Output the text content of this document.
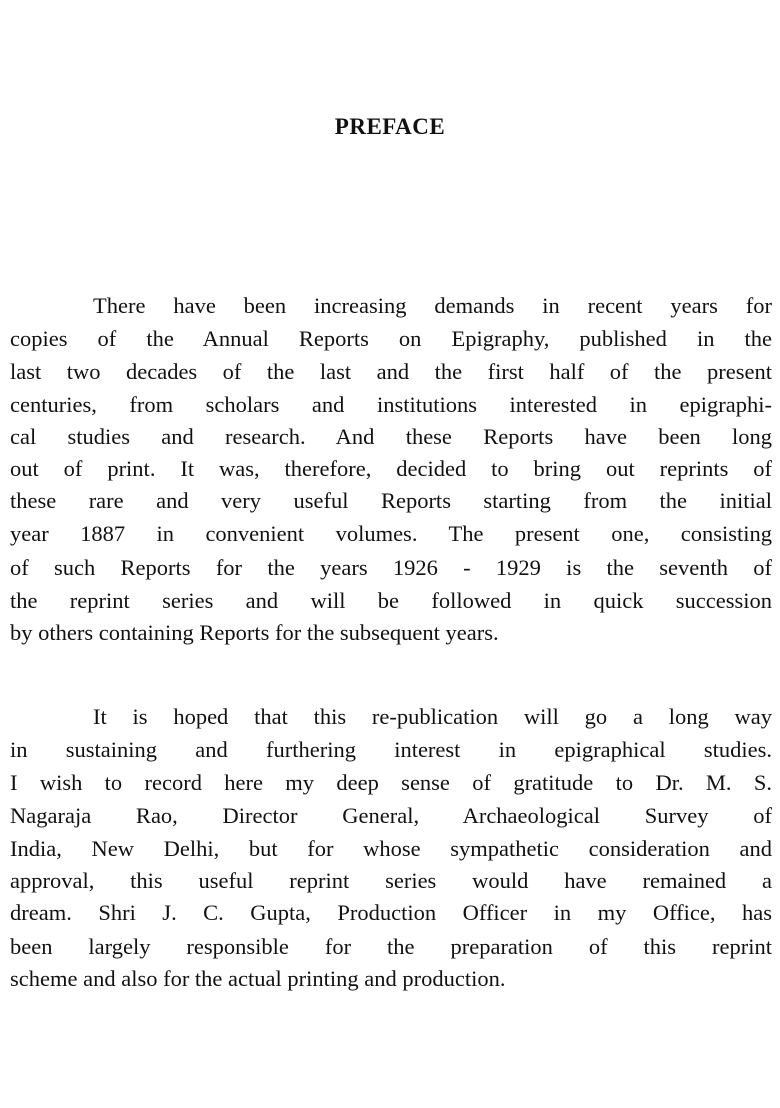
PREFACE
There have been increasing demands in recent years for
copies of the Annual Reports on Epigraphy, published in the
last two decades of the last and the first half of the present
centuries, from scholars and institutions interested in epigraphi-
cal studies and research. And these Reports have been long
out of print. It was, therefore, decided to bring out reprints of
these rare and very useful Reports starting from the initial
year 1887 in convenient volumes. The present one, consisting
of such Reports for the years 1926 - 1929 is the seventh of
the reprint series and will be followed in quick succession
by others containing Reports for the subsequent years.
It is hoped that this re-publication will go a long way
in sustaining and furthering interest in epigraphical studies.
I wish to record here my deep sense of gratitude to Dr. M. S.
Nagaraja Rao, Director General, Archaeological Survey of
India, New Delhi, but for whose sympathetic consideration and
approval, this useful reprint series would have remained a
dream. Shri J. C. Gupta, Production Officer in my Office, has
been largely responsible for the preparation of this reprint
scheme and also for the actual printing and production.
